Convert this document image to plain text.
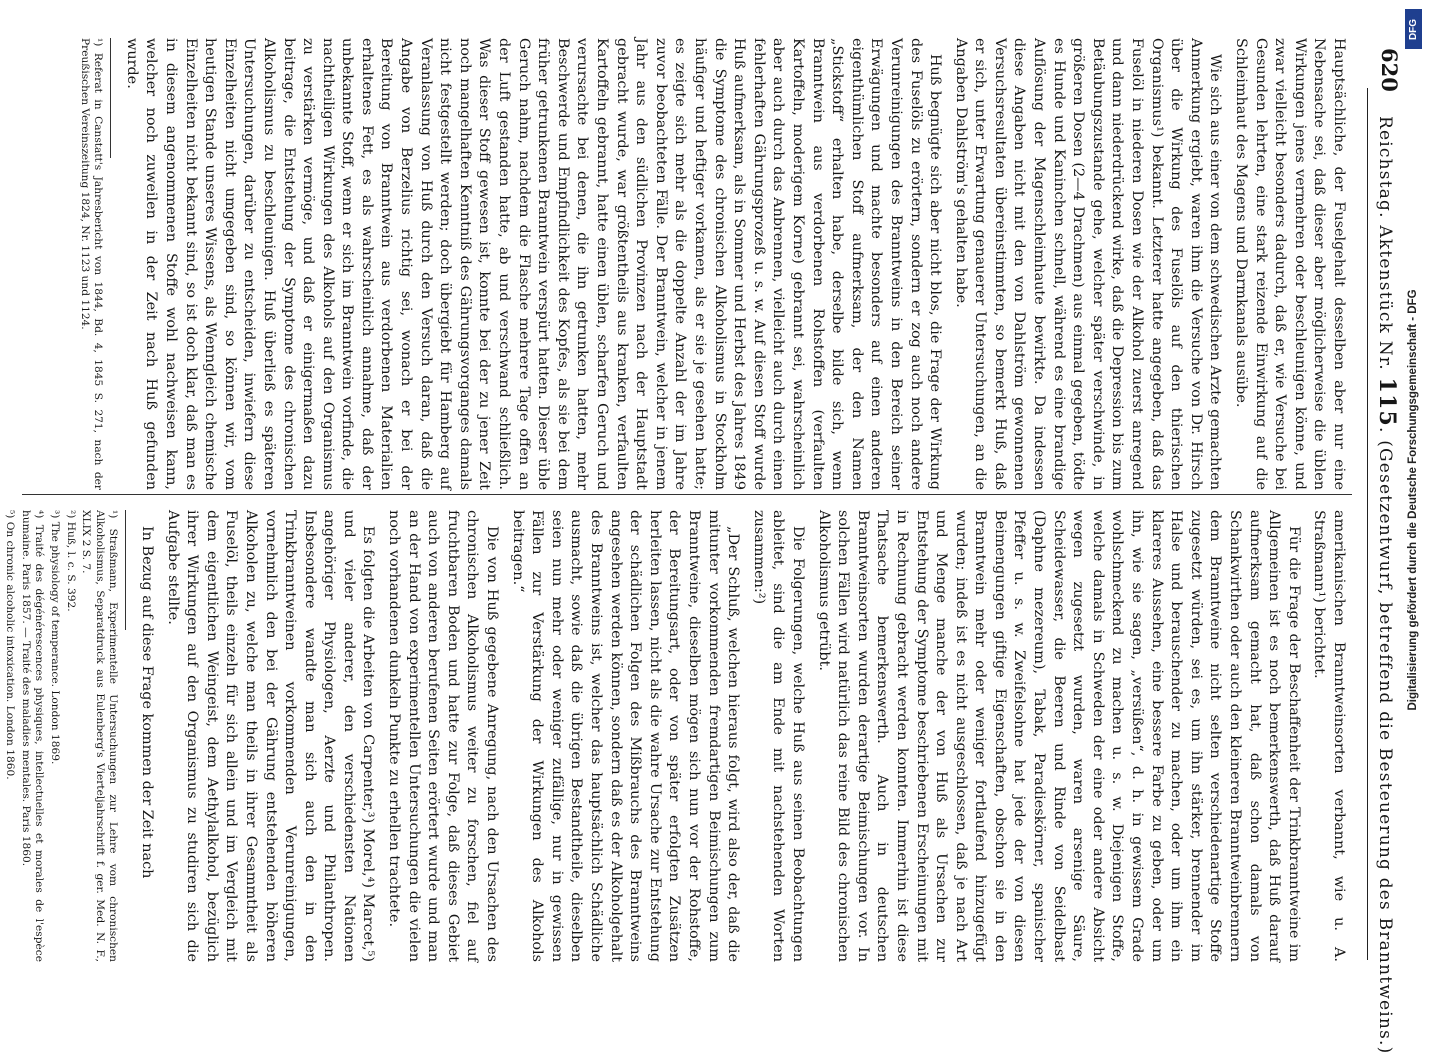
620
Reichstag. Aktenstück Nr. 115. (Gesetzentwurf, betreffend die Besteuerung des Branntweins.)

Hauptsächliche, der Fuselgehalt desselben aber nur eine Nebensache sei, daß dieser aber möglicherweise die üblen Wirkungen jenes vermehren oder beschleunigen könne, und zwar vielleicht besonders dadurch, daß er, wie Versuche bei Gesunden lehrten, eine stark reizende Einwirkung auf die Schleimhaut des Magens und Darmkanals ausübe.

Wie sich aus einer von dem schwedischen Arzte gemachten Anmerkung ergiebt, waren ihm die Versuche von Dr. Hirsch über die Wirkung des Fuselöls auf den thierischen Organismus¹) bekannt. Letzterer hatte angegeben, daß das Fuselöl in niederen Dosen wie der Alkohol zuerst anregend und dann niederdrückend wirke, daß die Depression bis zum Betäubungszustande gehe, welcher später verschwinde, in größeren Dosen (2—4 Drachmen) aus einmal gegeben, tödte es Hunde und Kaninchen schnell, während es eine brandige Auflösung der Magenschleimhaute bewirkte. Da indessen diese Angaben nicht mit den von Dahlström gewonnenen Versuchsresultaten übereinstimmten, so bemerkt Huß, daß er sich, unter Erwartung genauerer Untersuchungen, an die Angaben Dahlström's gehalten habe.

Huß begnügte sich aber nicht blos, die Frage der Wirkung des Fuselöls zu erörtern, sondern er zog auch noch andere Verunreinigungen des Branntweins in den Bereich seiner Erwägungen und machte besonders auf einen anderen eigenthümlichen Stoff aufmerksam, der den Namen „Stickstoff“ erhalten habe, derselbe bilde sich, wenn Branntwein aus verdorbenen Rohstoffen (verfaulten Kartoffeln, moderigem Korne) gebrannt sei, wahrscheinlich aber auch durch das Anbrennen, vielleicht auch durch einen fehlerhaften Gährungsprozeß u. s. w. Auf diesen Stoff wurde Huß aufmerksam, als in Sommer und Herbst des Jahres 1849 die Symptome des chronischen Alkoholismus in Stockholm häufiger und heftiger vorkamen, als er sie je gesehen hatte; es zeigte sich mehr als die doppelte Anzahl der im Jahre zuvor beobachteten Fälle. Der Branntwein, welcher in jenem Jahr aus den südlichen Provinzen nach der Hauptstadt gebracht wurde, war größtentheils aus kranken, verfaulten Kartoffeln gebrannt, hatte einen üblen, scharfen Geruch und verursachte bei denen, die ihn getrunken hatten, mehr Beschwerde und Empfindlichkeit des Kopfes, als sie bei dem früher getrunkenen Branntwein verspürt hatten. Dieser üble Geruch nahm, nachdem die Flasche mehrere Tage offen an der Luft gestanden hatte, ab und verschwand schließlich. Was dieser Stoff gewesen ist, konnte bei der zu jener Zeit noch mangelhaften Kenntniß des Gährungsvorganges damals nicht festgestellt werden; doch übergiebt für Hamberg auf Veranlassung von Huß durch den Versuch daran, daß die Angabe von Berzelius richtig sei, wonach er bei der Bereitung von Branntwein aus verdorbenen Materialien erhaltenes Fett, es als wahrscheinlich annahme, daß der unbekannte Stoff, wenn er sich im Branntwein vorfinde, die nachtheiligen Wirkungen des Alkohols auf den Organismus zu verstärken vermöge, und daß er einigermaßen dazu beitrage, die Entstehung der Symptome des chronischen Alkoholismus zu beschleunigen. Huß überließ es späteren Untersuchungen, darüber zu entscheiden, inwiefern diese Einzelheiten nicht umgegeben sind, so können wir, vom heutigen Stande unseres Wissens, als Wenngleich chemische Einzelheiten nicht bekannt sind, so ist doch klar, daß man es in diesem angenommenen Stoffe wohl nachweisen kann, welcher noch zuweilen in der Zeit nach Huß gefunden wurde.

¹) Referat in Canstatt's Jahresbericht von 1844, Bd. 4, 1845 S. 271, nach der Preußischen Vereinszeitung 1824, Nr. 1123 und 1124.

amerikanischen Branntweinsorten verbannt, wie u. A. Straßmann¹) berichtet.

Für die Frage der Beschaffenheit der Trinkbranntweine im Allgemeinen ist es noch bemerkenswerth, daß Huß darauf aufmerksam gemacht hat, daß schon damals von Schankwirthen oder auch den kleineren Branntweinbrennern dem Branntweine nicht selten verschiedenartige Stoffe zugesetzt würden, sei es, um ihn stärker, brennender im Halse und berauschender zu machen, oder um ihm ein klareres Aussehen, eine bessere Farbe zu geben, oder um ihn, wie sie sagen, „versüßen“, d. h. in gewissem Grade wohlschmeckend zu machen u. s. w. Diejenigen Stoffe, welche damals in Schweden der eine oder andere Absicht wegen zugesetzt wurden, waren arsenige Säure, Scheidewasser, die Beeren und Rinde von Seidelbast (Daphne mezereum), Tabak, Paradieskörner, spanischer Pfeffer u. s. w. Zweifelsohne hat jede der von diesen Beimengungen giftige Eigenschaften, obschon sie in den Branntwein mehr oder weniger fortlaufend hinzugefügt wurden; indeß ist es nicht ausgeschlossen, daß je nach Art und Menge manche der von Huß als Ursachen zur Entstehung der Symptome beschriebenen Erscheinungen mit in Rechnung gebracht werden konnten. Immerhin ist diese Thatsache bemerkenswerth. Auch in deutschen Branntweinsorten wurden derartige Beimischungen vor. In solchen Fällen wird natürlich das reine Bild des chronischen Alkoholismus getrübt.

Die Folgerungen, welche Huß aus seinen Beobachtungen ableitet, sind die am Ende mit nachstehenden Worten zusammen:²)

„Der Schluß, welchen hieraus folgt, wird also der, daß die mitunter vorkommenden fremdartigen Beimischungen zum Branntweine, dieselben mögen sich nun vor der Rohstoffe, der Bereitungsart, oder von später erfolgten Zusätzen herleiten lassen, nicht als die wahre Ursache zur Entstehung der schädlichen Folgen des Mißbrauchs des Branntweins angesehen werden können, sondern daß es der Alkoholgehalt des Branntweins ist, welcher das hauptsächlich Schädliche ausmacht, sowie daß die übrigen Bestandtheile, dieselben seien nun mehr oder weniger zufällige, nur in gewissen Fällen zur Verstärkung der Wirkungen des Alkohols beitragen.“

Die von Huß gegebene Anregung, nach den Ursachen des chronischen Alkoholismus weiter zu forschen, fiel auf fruchtbaren Boden und hatte zur Folge, daß dieses Gebiet auch von anderen berufenen Seiten erörtert wurde und man an der Hand von experimentellen Untersuchungen die vielen noch vorhandenen dunkeln Punkte zu erhellen trachtete.

Es folgten die Arbeiten von Carpenter,³) Morel,⁴) Marcet,⁵) und vieler anderer, den verschiedensten Nationen angehöriger Physiologen, Aerzte und Philanthropen. Insbesondere wandte man sich auch den in den Trinkbranntweinen vorkommenden Verunreinigungen, vornehmlich den bei der Gährung entstehenden höheren Alkoholen zu, welche man theils in ihrer Gesammtheit als Fuselöl, theils einzeln für sich allein und im Vergleich mit dem eigentlichen Weingeist, dem Aethylalkohol, bezüglich ihrer Wirkungen auf den Organismus zu studiren sich die Aufgabe stellte.

In Bezug auf diese Frage kommen der Zeit nach

¹) Straßmann, Experimentelle Untersuchungen zur Lehre vom chronischen Alkoholismus, Separatdruck aus Eulenberg's Vierteljahrschrift f. ger. Med. N. F., XLIX 2 S. 7.

²) Huß, l. c. S. 392.

³) The physiology of temperance. London 1869.

⁴) Traité des dégénérescences physiques, intellectuelles et morales de l'espèce humaine. Paris 1857. — Traité des maladies mentales. Paris 1860.

⁵) On chronic alcoholic intoxication. London 1860.	Digitalisierung gefördert durch die Deutsche Forschungsgemeinschaft - DFG
DFG
